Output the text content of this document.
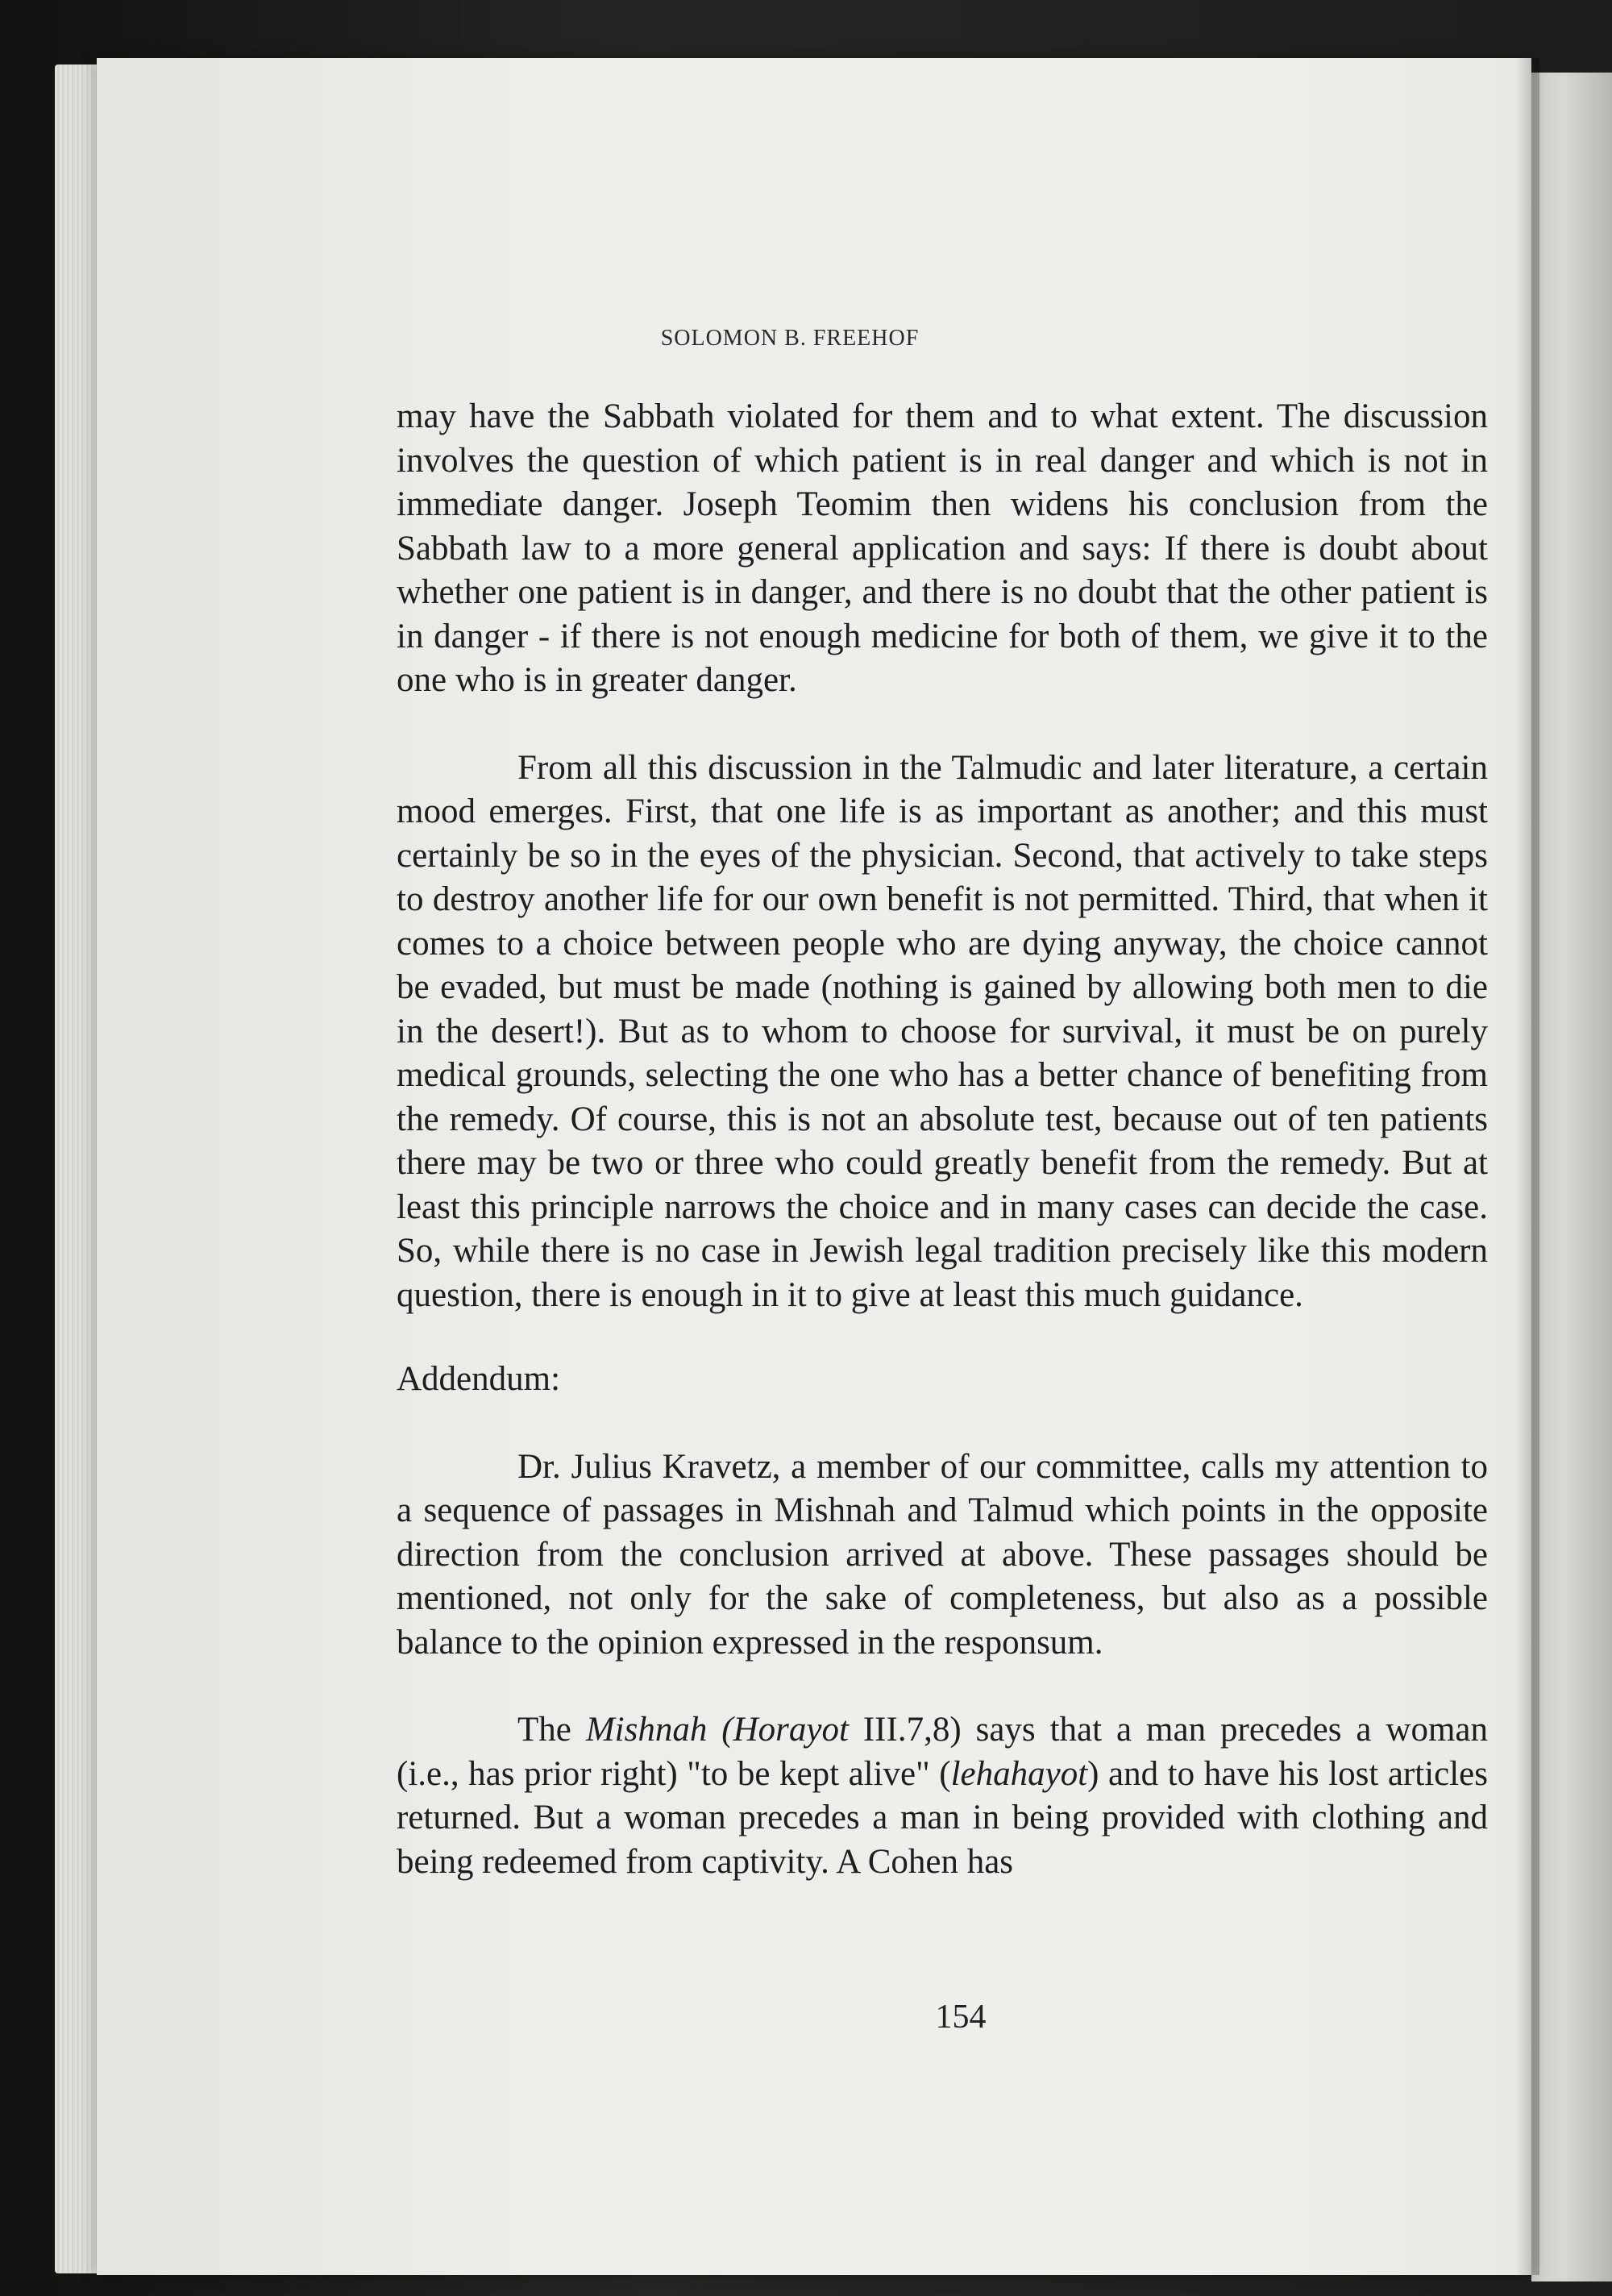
SOLOMON B. FREEHOF

may have the Sabbath violated for them and to what extent. The discussion involves the question of which patient is in real danger and which is not in immediate danger. Joseph Teomim then widens his conclusion from the Sabbath law to a more general application and says: If there is doubt about whether one patient is in danger, and there is no doubt that the other patient is in danger - if there is not enough medicine for both of them, we give it to the one who is in greater danger.

From all this discussion in the Talmudic and later literature, a certain mood emerges. First, that one life is as important as another; and this must certainly be so in the eyes of the physician. Second, that actively to take steps to destroy another life for our own benefit is not permitted. Third, that when it comes to a choice between people who are dying anyway, the choice cannot be evaded, but must be made (nothing is gained by allowing both men to die in the desert!). But as to whom to choose for survival, it must be on purely medical grounds, selecting the one who has a better chance of benefiting from the remedy. Of course, this is not an absolute test, because out of ten patients there may be two or three who could greatly benefit from the remedy. But at least this principle narrows the choice and in many cases can decide the case. So, while there is no case in Jewish legal tradition precisely like this modern question, there is enough in it to give at least this much guidance.

Addendum:

Dr. Julius Kravetz, a member of our committee, calls my attention to a sequence of passages in Mishnah and Talmud which points in the opposite direction from the conclusion arrived at above. These passages should be mentioned, not only for the sake of completeness, but also as a possible balance to the opinion expressed in the responsum.

The Mishnah (Horayot III.7,8) says that a man precedes a woman (i.e., has prior right) "to be kept alive" (lehahayot) and to have his lost articles returned. But a woman precedes a man in being provided with clothing and being redeemed from captivity. A Cohen has

154
